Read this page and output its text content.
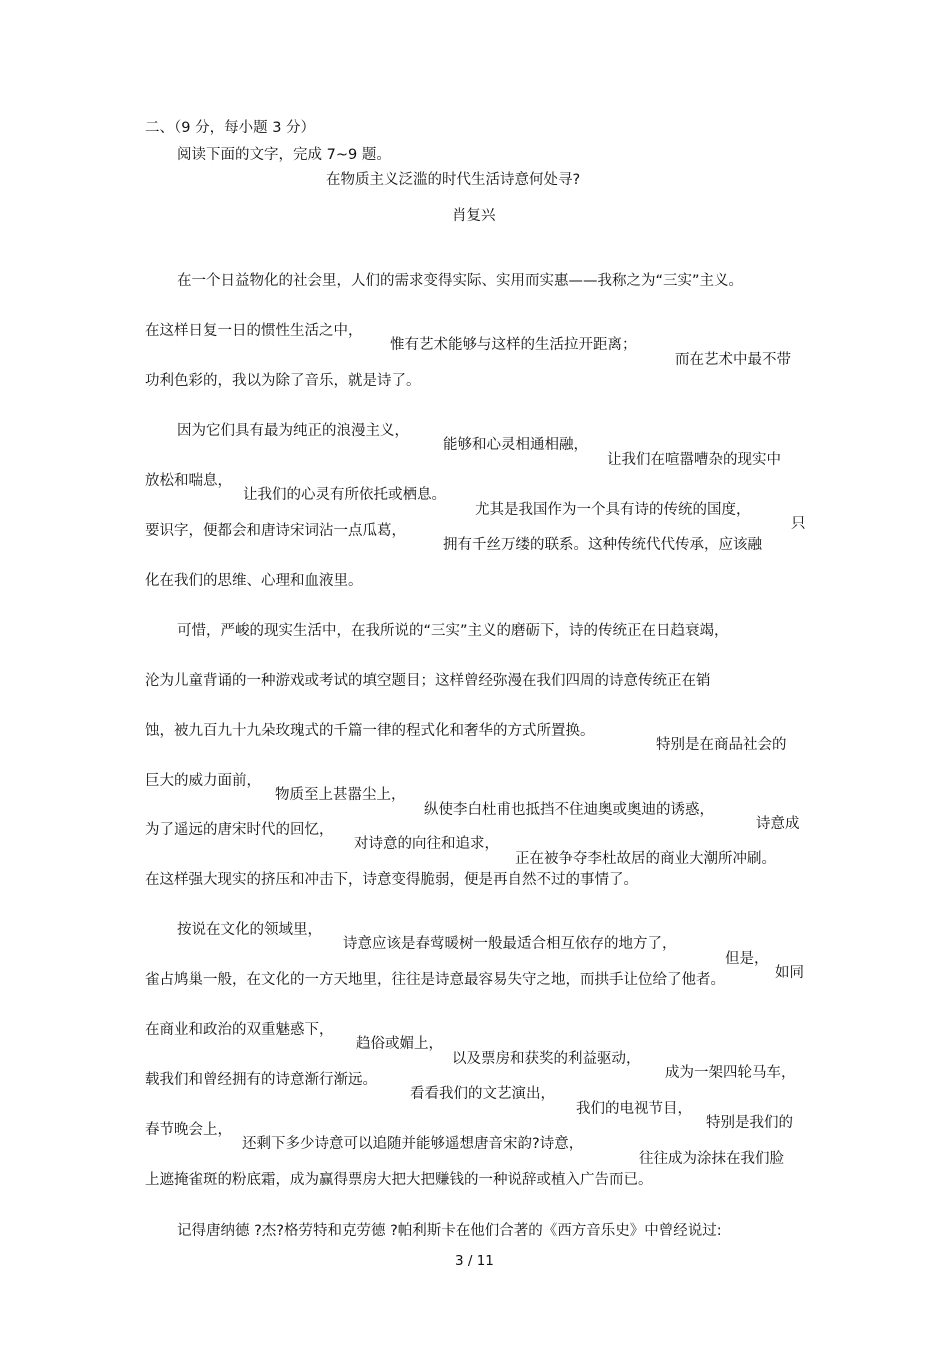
二、（9 分，每小题 3 分）
阅读下面的文字，完成 7~9 题。
在物质主义泛滥的时代生活诗意何处寻?
肖复兴

在一个日益物化的社会里，人们的需求变得实际、实用而实惠——我称之为“三实”主义。

在这样日复一日的惯性生活之中，

惟有艺术能够与这样的生活拉开距离；

而在艺术中最不带

功利色彩的，我以为除了音乐，就是诗了。

因为它们具有最为纯正的浪漫主义，

能够和心灵相通相融，

让我们在喧嚣嘈杂的现实中

放松和喘息，

让我们的心灵有所依托或栖息。

尤其是我国作为一个具有诗的传统的国度，

只

要识字，便都会和唐诗宋词沾一点瓜葛，

拥有千丝万缕的联系。这种传统代代传承，应该融

化在我们的思维、心理和血液里。

可惜，严峻的现实生活中，在我所说的“三实”主义的磨砺下，诗的传统正在日趋衰竭，

沦为儿童背诵的一种游戏或考试的填空题目；这样曾经弥漫在我们四周的诗意传统正在销

蚀，被九百九十九朵玫瑰式的千篇一律的程式化和奢华的方式所置换。

特别是在商品社会的

巨大的威力面前，

物质至上甚嚣尘上，

纵使李白杜甫也抵挡不住迪奥或奥迪的诱惑，

诗意成

为了遥远的唐宋时代的回忆，

对诗意的向往和追求，

正在被争夺李杜故居的商业大潮所冲刷。

在这样强大现实的挤压和冲击下，诗意变得脆弱，便是再自然不过的事情了。

按说在文化的领域里，

诗意应该是春莺暖树一般最适合相互依存的地方了，

但是，

如同

雀占鸠巢一般，在文化的一方天地里，往往是诗意最容易失守之地，而拱手让位给了他者。

在商业和政治的双重魅惑下，

趋俗或媚上，

以及票房和获奖的利益驱动，

成为一架四轮马车，

载我们和曾经拥有的诗意渐行渐远。

看看我们的文艺演出，

我们的电视节目，

特别是我们的

春节晚会上，

还剩下多少诗意可以追随并能够遥想唐音宋韵?诗意，

往往成为涂抹在我们脸

上遮掩雀斑的粉底霜，成为赢得票房大把大把赚钱的一种说辞或植入广告而已。

记得唐纳德 ?杰?格劳特和克劳德 ?帕利斯卡在他们合著的《西方音乐史》中曾经说过:

3 / 11
